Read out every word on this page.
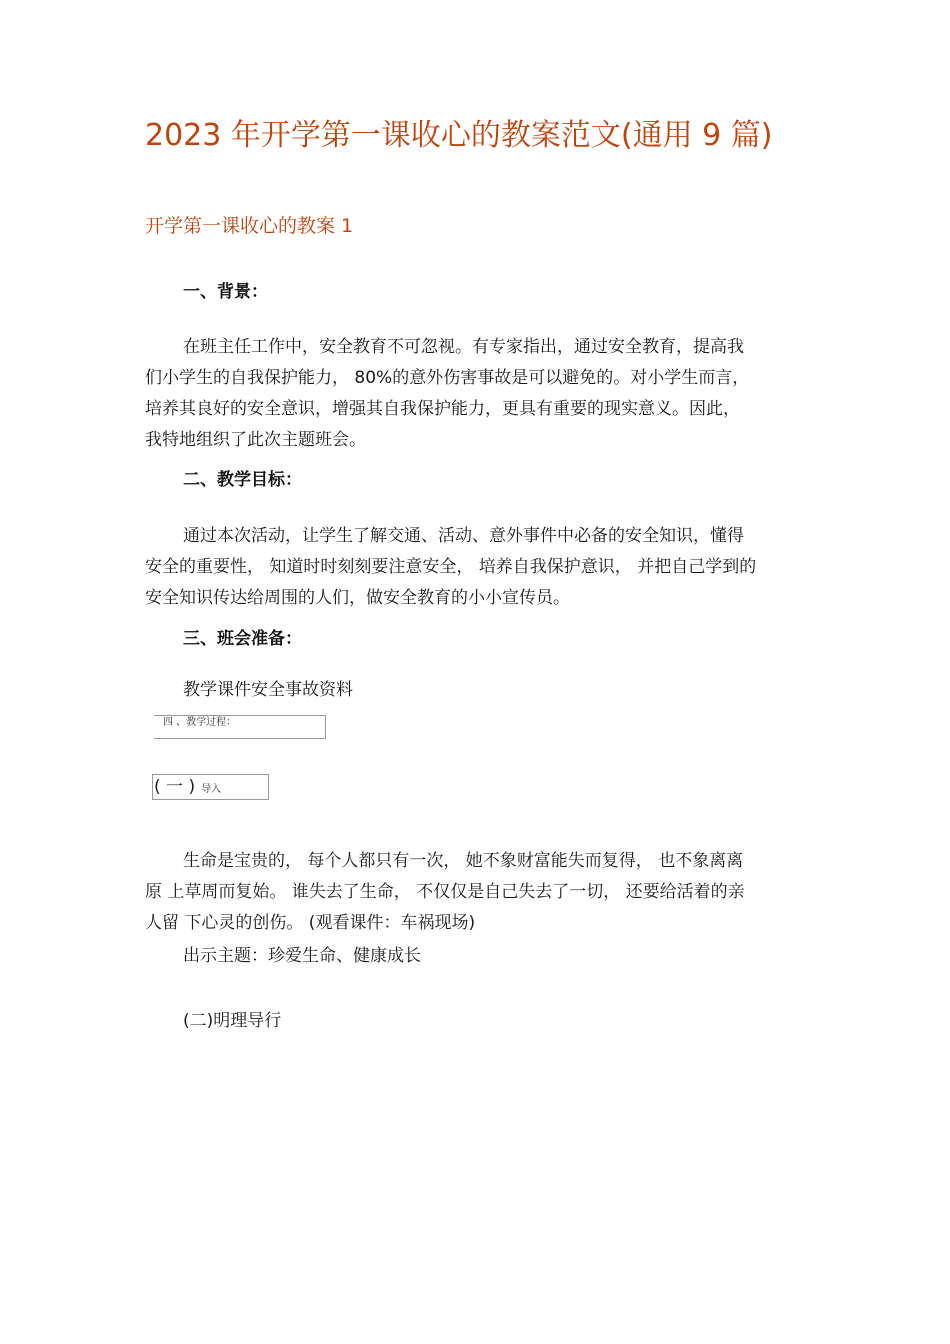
2023 年开学第一课收心的教案范文(通用 9 篇)
开学第一课收心的教案 1
一、背景：
在班主任工作中，安全教育不可忽视。有专家指出，通过安全教育，提高我
们小学生的自我保护能力， 80%的意外伤害事故是可以避免的。对小学生而言，
培养其良好的安全意识，增强其自我保护能力，更具有重要的现实意义。因此，
我特地组织了此次主题班会。
二、教学目标：
通过本次活动，让学生了解交通、活动、意外事件中必备的安全知识，懂得
安全的重要性， 知道时时刻刻要注意安全， 培养自我保护意识， 并把自己学到的
安全知识传达给周围的人们，做安全教育的小小宣传员。
三、班会准备：
教学课件安全事故资料
四 、教学过程：
( 一 ) 导入
生命是宝贵的， 每个人都只有一次， 她不象财富能失而复得， 也不象离离
原 上草周而复始。 谁失去了生命， 不仅仅是自己失去了一切， 还要给活着的亲
人留 下心灵的创伤。 (观看课件：车祸现场)
出示主题：珍爱生命、健康成长
(二)明理导行
